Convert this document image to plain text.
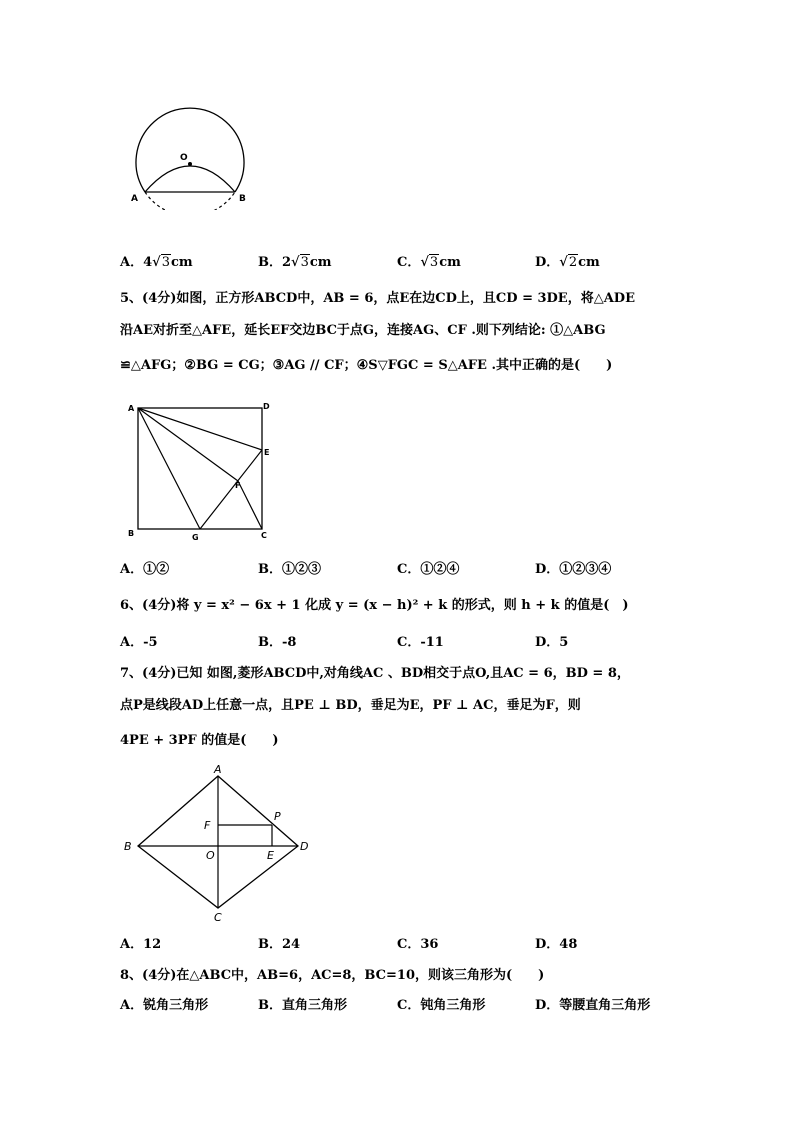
O
A	B
A．4√3cm	B．2√3cm	C．√3cm	D．√2cm
5、(4分)如图，正方形ABCD中，AB = 6，点E在边CD上，且CD = 3DE，将△ADE
沿AE对折至△AFE，延长EF交边BC于点G，连接AG、CF .则下列结论: ①△ABG
≌△AFG；②BG = CG；③AG // CF；④S▽FGC = S△AFE .其中正确的是(　　)
A	D
E
F
B	G	C
A．①②	B．①②③	C．①②④	D．①②③④
6、(4分)将 y = x² − 6x + 1 化成 y = (x − h)² + k 的形式，则 h + k 的值是(　)
A．-5	B．-8	C．-11	D．5
7、(4分)已知 如图,菱形ABCD中,对角线AC 、BD相交于点O,且AC = 6，BD = 8，
点P是线段AD上任意一点，且PE ⊥ BD，垂足为E，PF ⊥ AC，垂足为F，则
4PE + 3PF 的值是(　　)
A
B
C
D
O
F
P
E
A．12	B．24	C．36	D．48
8、(4分)在△ABC中，AB=6，AC=8，BC=10，则该三角形为(　　)
A．锐角三角形	B．直角三角形	C．钝角三角形	D．等腰直角三角形
